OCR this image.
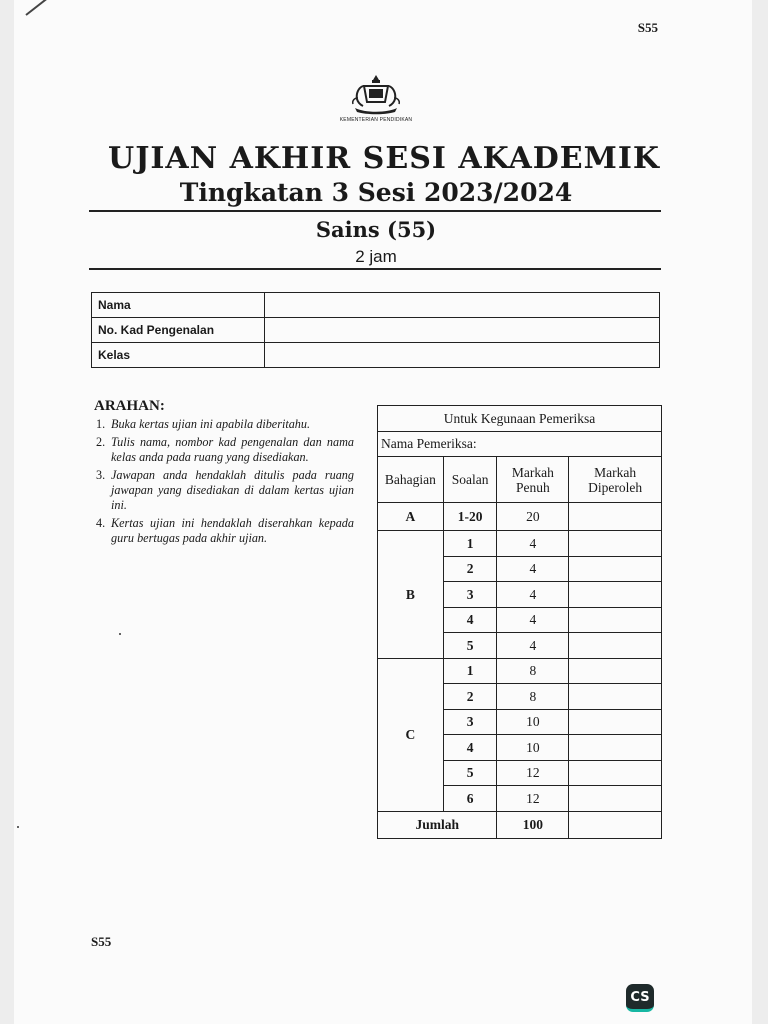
S55
KEMENTERIAN PENDIDIKAN
UJIAN AKHIR SESI AKADEMIK
Tingkatan 3 Sesi 2023/2024
Sains (55)
2 jam
Nama	
No. Kad Pengenalan	
Kelas	
ARAHAN:
1. Buka kertas ujian ini apabila diberitahu.
2. Tulis nama, nombor kad pengenalan dan nama kelas anda pada ruang yang disediakan.
3. Jawapan anda hendaklah ditulis pada ruang jawapan yang disediakan di dalam kertas ujian ini.
4. Kertas ujian ini hendaklah diserahkan kepada guru bertugas pada akhir ujian.
Untuk Kegunaan Pemeriksa			
Nama Pemeriksa:			
Bahagian	Soalan	Markah Penuh	Markah Diperoleh
A	1-20	20	
B	1	4	
	2	4	
	3	4	
	4	4	
	5	4	
C	1	8	
	2	8	
	3	10	
	4	10	
	5	12	
	6	12	
Jumlah		100	
S55
CS
